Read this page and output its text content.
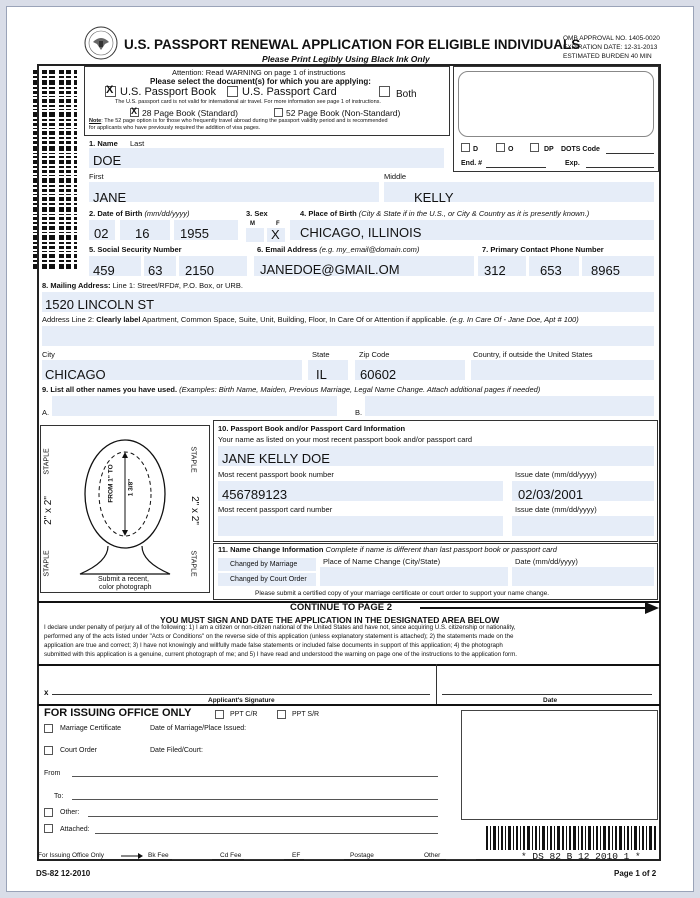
U.S. PASSPORT RENEWAL APPLICATION FOR ELIGIBLE INDIVIDUALS
Please Print Legibly Using Black Ink Only
OMB APPROVAL NO. 1405-0020
EXPIRATION DATE: 12-31-2013
ESTIMATED BURDEN 40 MIN
Attention: Read WARNING on page 1 of instructions
Please select the document(s) for which you are applying:
X U.S. Passport Book U.S. Passport Card	Both
The U.S. passport card is not valid for international air travel. For more information see page 1 of instructions.
X 28 Page Book (Standard)	52 Page Book (Non-Standard)
Note: The 52 page option is for those who frequently travel abroad during the passport validity period and is recommended
for applicants who have previously required the addition of visa pages.
D	O	DP DOTS Code
End. #	Exp.
1. Name Last
DOE
First
JANE
Middle
KELLY
2. Date of Birth (mm/dd/yyyy)
02 16 1955
3. Sex
M	F
X
4. Place of Birth (City & State if in the U.S., or City & Country as it is presently known.)
CHICAGO, ILLINOIS
5. Social Security Number
459	63 2150
6. Email Address (e.g. my_email@domain.com)
JANEDOE@GMAIL.OM
7. Primary Contact Phone Number
312	653 8965
8. Mailing Address: Line 1: Street/RFD#, P.O. Box, or URB.
1520 LINCOLN ST
Address Line 2: Clearly label Apartment, Common Space, Suite, Unit, Building, Floor, In Care Of or Attention if applicable. (e.g. In Care Of - Jane Doe, Apt # 100)
City
CHICAGO
State
IL
Zip Code
60602
Country, if outside the United States
9. List all other names you have used. (Examples: Birth Name, Maiden, Previous Marriage, Legal Name Change. Attach additional pages if needed)
A.	B.
STAPLE
STAPLE
STAPLE
STAPLE
2" x 2"	2" x 2"
FROM 1" TO 1 3/8"
Submit a recent,
color photograph
10. Passport Book and/or Passport Card Information
Your name as listed on your most recent passport book and/or passport card
JANE KELLY DOE
Most recent passport book number
456789123
Issue date (mm/dd/yyyy)
02/03/2001
Most recent passport card number	Issue date (mm/dd/yyyy)
11. Name Change Information Complete if name is different than last passport book or passport card
Changed by Marriage
Changed by Court Order
Place of Name Change (City/State)	Date (mm/dd/yyyy)
Please submit a certified copy of your marriage certificate or court order to support your name change.
CONTINUE TO PAGE 2
YOU MUST SIGN AND DATE THE APPLICATION IN THE DESIGNATED AREA BELOW
I declare under penalty of perjury all of the following: 1) I am a citizen or non-citizen national of the United States and have not, since acquiring U.S. citizenship or nationality,
performed any of the acts listed under "Acts or Conditions" on the reverse side of this application (unless explanatory statement is attached); 2) the statements made on the
application are true and correct; 3) I have not knowingly and willfully made false statements or included false documents in support of this application; 4) the photograph
submitted with this application is a genuine, current photograph of me; and 5) I have read and understood the warning on page one of the instructions to the application form.
x
Applicant's Signature	Date
FOR ISSUING OFFICE ONLY	PPT C/R	PPT S/R
Marriage Certificate	Date of Marriage/Place Issued:
Court Order	Date Filed/Court:
From
To:
Other:
Attached:
* DS 82 B 12 2010 1 *
For Issuing Office Only	Bk Fee	Cd Fee	EF	Postage	Other
DS-82 12-2010	Page 1 of 2
